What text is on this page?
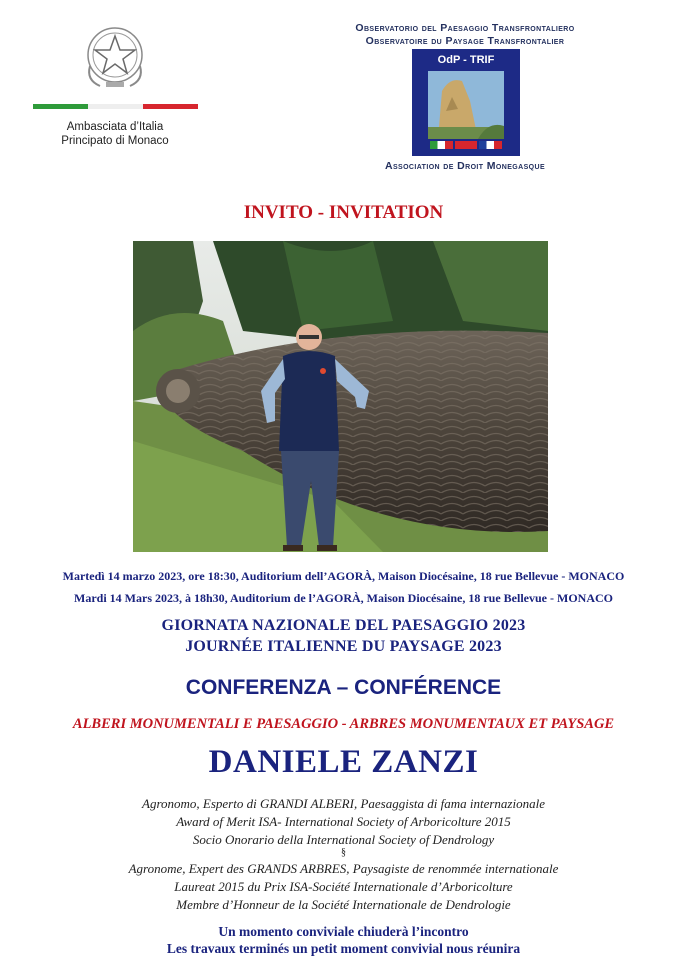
Ambasciata d’Italia
Principato di Monaco
Observatorio del Paesaggio Transfrontaliero
Observatoire du Paysage Transfrontalier
OdP - TRIF
Association de Droit Monegasque
INVITO - INVITATION
Martedì 14 marzo 2023, ore 18:30, Auditorium dell’AGORÀ, Maison Diocésaine, 18 rue Bellevue - MONACO
Mardi 14 Mars 2023, à 18h30, Auditorium de l’AGORÀ, Maison Diocésaine, 18 rue Bellevue - MONACO
GIORNATA NAZIONALE DEL PAESAGGIO 2023
JOURNÉE ITALIENNE DU PAYSAGE 2023
CONFERENZA – CONFÉRENCE
ALBERI MONUMENTALI E PAESAGGIO - ARBRES MONUMENTAUX ET PAYSAGE
DANIELE ZANZI
Agronomo, Esperto di GRANDI ALBERI, Paesaggista di fama internazionale
Award of Merit ISA- International Society of Arboricolture 2015
Socio Onorario della International Society of Dendrology
§
Agronome, Expert des GRANDS ARBRES, Paysagiste de renommée internationale
Laureat 2015 du Prix ISA-Société Internationale d’Arboricolture
Membre d’Honneur de la Société Internationale de Dendrologie
Un momento conviviale chiuderà l’incontro
Les travaux terminés un petit moment convivial nous réunira
